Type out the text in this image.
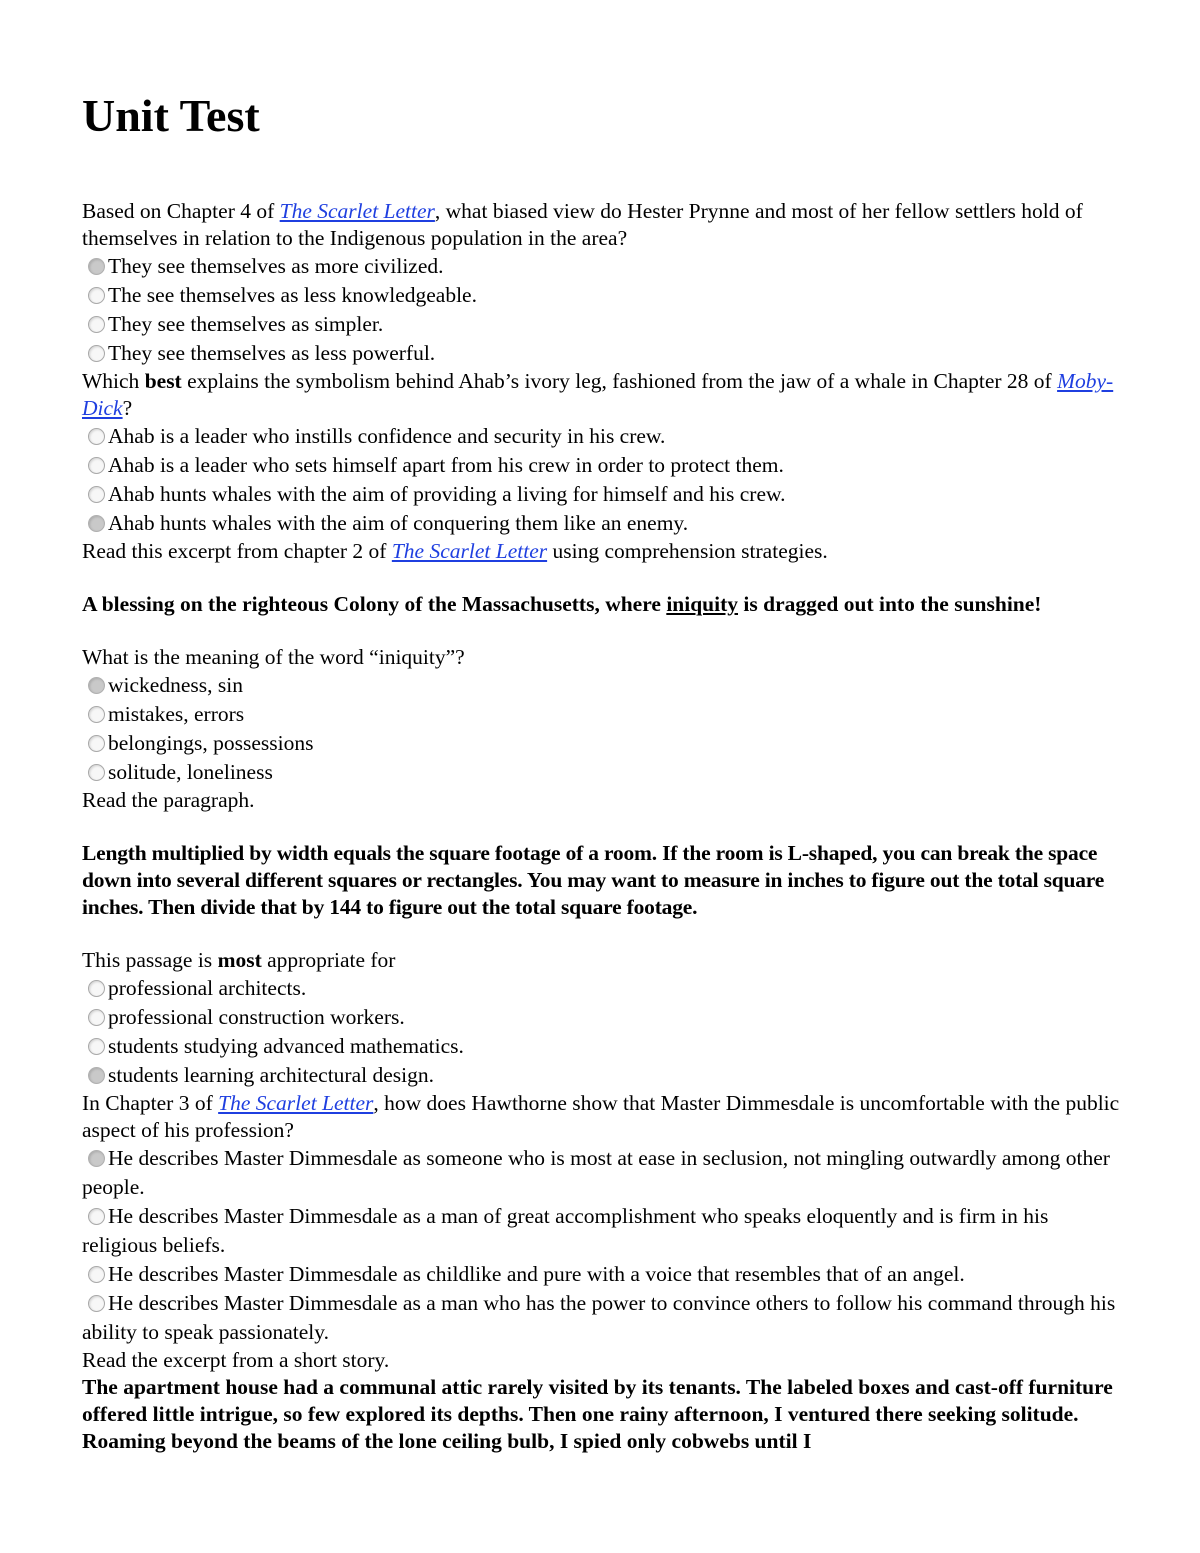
Unit Test

Based on Chapter 4 of The Scarlet Letter, what biased view do Hester Prynne and most of her fellow settlers hold of themselves in relation to the Indigenous population in the area?

They see themselves as more civilized.

The see themselves as less knowledgeable.

They see themselves as simpler.

They see themselves as less powerful.

Which best explains the symbolism behind Ahab’s ivory leg, fashioned from the jaw of a whale in Chapter 28 of Moby-Dick?

Ahab is a leader who instills confidence and security in his crew.

Ahab is a leader who sets himself apart from his crew in order to protect them.

Ahab hunts whales with the aim of providing a living for himself and his crew.

Ahab hunts whales with the aim of conquering them like an enemy.

Read this excerpt from chapter 2 of The Scarlet Letter using comprehension strategies.

A blessing on the righteous Colony of the Massachusetts, where iniquity is dragged out into the sunshine!

What is the meaning of the word “iniquity”?

wickedness, sin

mistakes, errors

belongings, possessions

solitude, loneliness

Read the paragraph.

Length multiplied by width equals the square footage of a room. If the room is L-shaped, you can break the space down into several different squares or rectangles. You may want to measure in inches to figure out the total square inches. Then divide that by 144 to figure out the total square footage.

This passage is most appropriate for

professional architects.

professional construction workers.

students studying advanced mathematics.

students learning architectural design.

In Chapter 3 of The Scarlet Letter, how does Hawthorne show that Master Dimmesdale is uncomfortable with the public aspect of his profession?

He describes Master Dimmesdale as someone who is most at ease in seclusion, not mingling outwardly among other people.

He describes Master Dimmesdale as a man of great accomplishment who speaks eloquently and is firm in his religious beliefs.

He describes Master Dimmesdale as childlike and pure with a voice that resembles that of an angel.

He describes Master Dimmesdale as a man who has the power to convince others to follow his command through his ability to speak passionately.

Read the excerpt from a short story.

The apartment house had a communal attic rarely visited by its tenants. The labeled boxes and cast-off furniture offered little intrigue, so few explored its depths. Then one rainy afternoon, I ventured there seeking solitude. Roaming beyond the beams of the lone ceiling bulb, I spied only cobwebs until I
